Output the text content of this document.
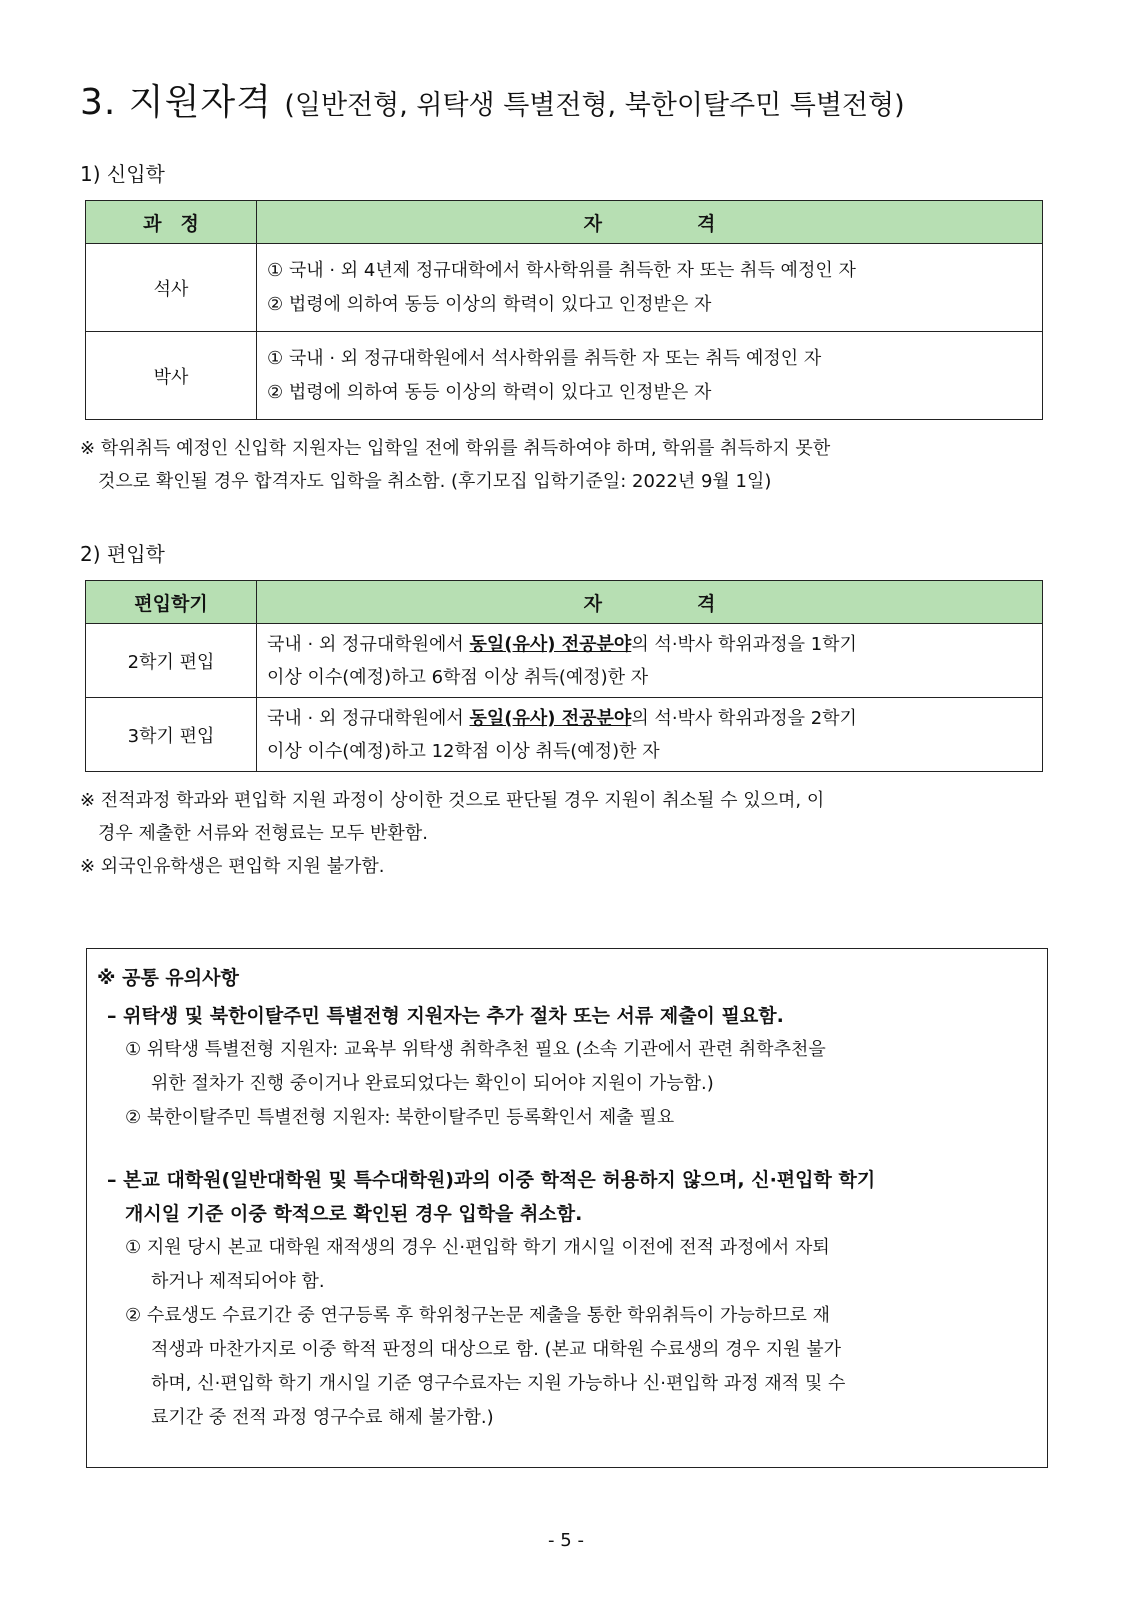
3. 지원자격 (일반전형, 위탁생 특별전형, 북한이탈주민 특별전형)
1) 신입학
과　정	자　　　　　격
석사	① 국내 · 외 4년제 정규대학에서 학사학위를 취득한 자 또는 취득 예정인 자
② 법령에 의하여 동등 이상의 학력이 있다고 인정받은 자

박사	① 국내 · 외 정규대학원에서 석사학위를 취득한 자 또는 취득 예정인 자
② 법령에 의하여 동등 이상의 학력이 있다고 인정받은 자
※ 학위취득 예정인 신입학 지원자는 입학일 전에 학위를 취득하여야 하며, 학위를 취득하지 못한
것으로 확인될 경우 합격자도 입학을 취소함. (후기모집 입학기준일: 2022년 9월 1일)
2) 편입학
편입학기	자　　　　　격
2학기 편입	국내 · 외 정규대학원에서 동일(유사) 전공분야의 석·박사 학위과정을 1학기
이상 이수(예정)하고 6학점 이상 취득(예정)한 자

3학기 편입	국내 · 외 정규대학원에서 동일(유사) 전공분야의 석·박사 학위과정을 2학기
이상 이수(예정)하고 12학점 이상 취득(예정)한 자
※ 전적과정 학과와 편입학 지원 과정이 상이한 것으로 판단될 경우 지원이 취소될 수 있으며, 이
경우 제출한 서류와 전형료는 모두 반환함.
※ 외국인유학생은 편입학 지원 불가함.
※ 공통 유의사항
– 위탁생 및 북한이탈주민 특별전형 지원자는 추가 절차 또는 서류 제출이 필요함.
① 위탁생 특별전형 지원자: 교육부 위탁생 취학추천 필요 (소속 기관에서 관련 취학추천을
위한 절차가 진행 중이거나 완료되었다는 확인이 되어야 지원이 가능함.)
② 북한이탈주민 특별전형 지원자: 북한이탈주민 등록확인서 제출 필요
– 본교 대학원(일반대학원 및 특수대학원)과의 이중 학적은 허용하지 않으며, 신·편입학 학기
개시일 기준 이중 학적으로 확인된 경우 입학을 취소함.
① 지원 당시 본교 대학원 재적생의 경우 신·편입학 학기 개시일 이전에 전적 과정에서 자퇴
하거나 제적되어야 함.
② 수료생도 수료기간 중 연구등록 후 학위청구논문 제출을 통한 학위취득이 가능하므로 재
적생과 마찬가지로 이중 학적 판정의 대상으로 함. (본교 대학원 수료생의 경우 지원 불가
하며, 신·편입학 학기 개시일 기준 영구수료자는 지원 가능하나 신·편입학 과정 재적 및 수
료기간 중 전적 과정 영구수료 해제 불가함.)
- 5 -
